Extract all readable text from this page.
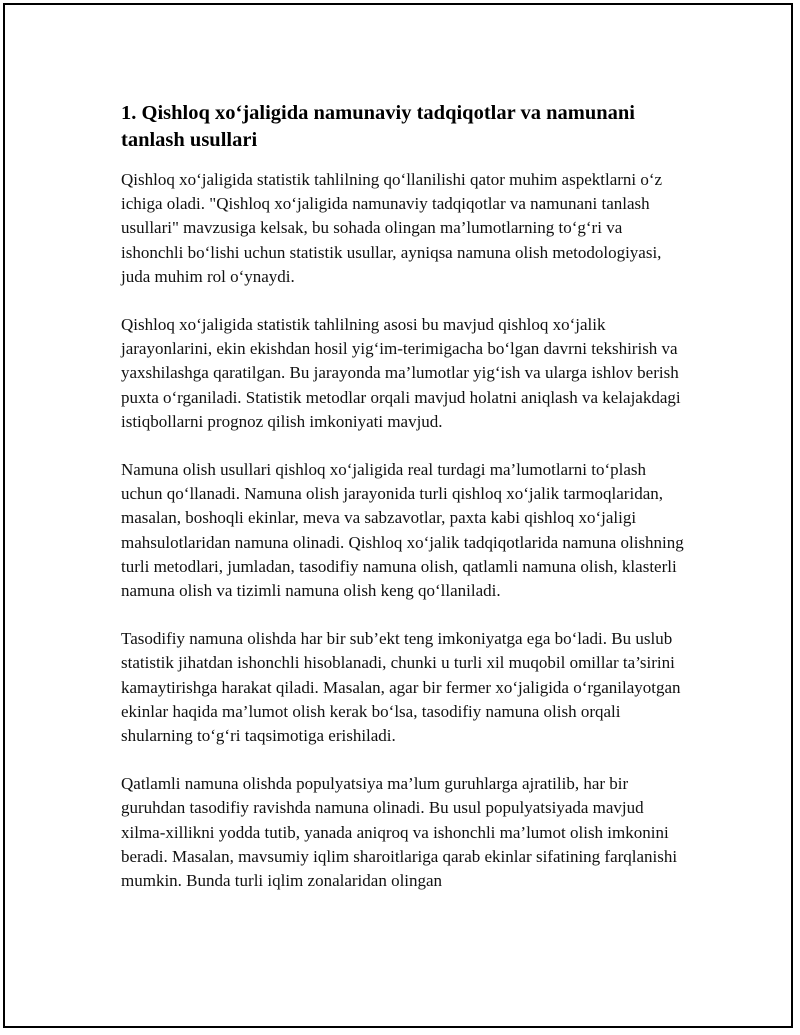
1. Qishloq xo‘jaligida namunaviy tadqiqotlar va namunani tanlash usullari

Qishloq xo‘jaligida statistik tahlilning qo‘llanilishi qator muhim aspektlarni o‘z ichiga oladi. "Qishloq xo‘jaligida namunaviy tadqiqotlar va namunani tanlash usullari" mavzusiga kelsak, bu sohada olingan ma’lumotlarning to‘g‘ri va ishonchli bo‘lishi uchun statistik usullar, ayniqsa namuna olish metodologiyasi, juda muhim rol o‘ynaydi.

Qishloq xo‘jaligida statistik tahlilning asosi bu mavjud qishloq xo‘jalik jarayonlarini, ekin ekishdan hosil yig‘im-terimigacha bo‘lgan davrni tekshirish va yaxshilashga qaratilgan. Bu jarayonda ma’lumotlar yig‘ish va ularga ishlov berish puxta o‘rganiladi. Statistik metodlar orqali mavjud holatni aniqlash va kelajakdagi istiqbollarni prognoz qilish imkoniyati mavjud.

Namuna olish usullari qishloq xo‘jaligida real turdagi ma’lumotlarni to‘plash uchun qo‘llanadi. Namuna olish jarayonida turli qishloq xo‘jalik tarmoqlaridan, masalan, boshoqli ekinlar, meva va sabzavotlar, paxta kabi qishloq xo‘jaligi mahsulotlaridan namuna olinadi. Qishloq xo‘jalik tadqiqotlarida namuna olishning turli metodlari, jumladan, tasodifiy namuna olish, qatlamli namuna olish, klasterli namuna olish va tizimli namuna olish keng qo‘llaniladi.

Tasodifiy namuna olishda har bir sub’ekt teng imkoniyatga ega bo‘ladi. Bu uslub statistik jihatdan ishonchli hisoblanadi, chunki u turli xil muqobil omillar ta’sirini kamaytirishga harakat qiladi. Masalan, agar bir fermer xo‘jaligida o‘rganilayotgan ekinlar haqida ma’lumot olish kerak bo‘lsa, tasodifiy namuna olish orqali shularning to‘g‘ri taqsimotiga erishiladi.

Qatlamli namuna olishda populyatsiya ma’lum guruhlarga ajratilib, har bir guruhdan tasodifiy ravishda namuna olinadi. Bu usul populyatsiyada mavjud xilma-xillikni yodda tutib, yanada aniqroq va ishonchli ma’lumot olish imkonini beradi. Masalan, mavsumiy iqlim sharoitlariga qarab ekinlar sifatining farqlanishi mumkin. Bunda turli iqlim zonalaridan olingan
